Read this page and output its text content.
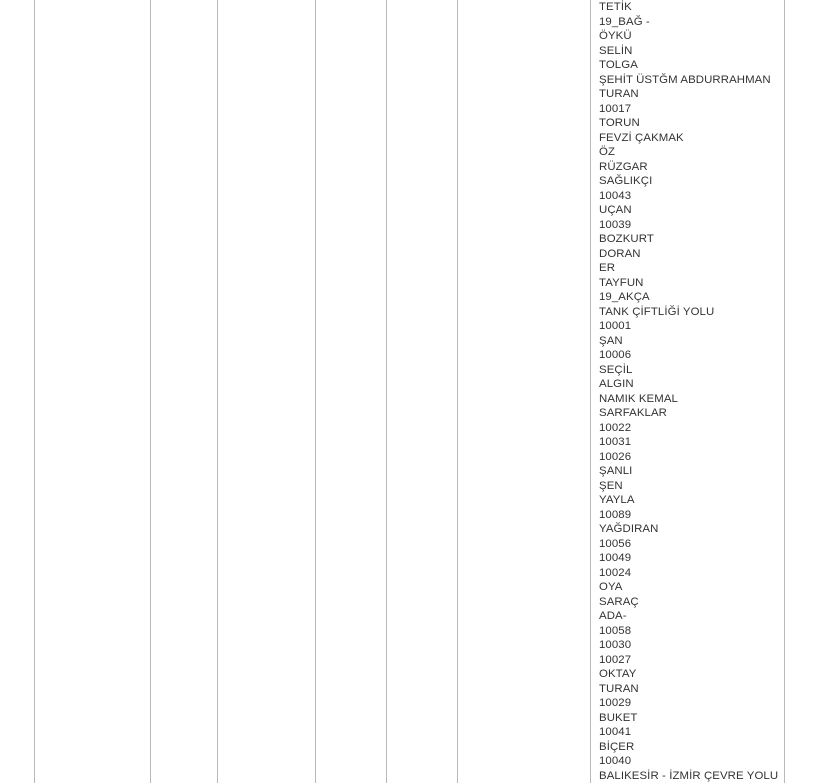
TETİK
19_BAĞ -
ÖYKÜ
SELİN
TOLGA
ŞEHİT ÜSTĞM ABDURRAHMAN
TURAN
10017
TORUN
FEVZİ ÇAKMAK
ÖZ
RÜZGAR
SAĞLIKÇI
10043
UÇAN
10039
BOZKURT
DORAN
ER
TAYFUN
19_AKÇA
TANK ÇİFTLİĞİ YOLU
10001
ŞAN
10006
SEÇİL
ALGIN
NAMIK KEMAL
SARFAKLAR
10022
10031
10026
ŞANLI
ŞEN
YAYLA
10089
YAĞDIRAN
10056
10049
10024
OYA
SARAÇ
ADA-
10058
10030
10027
OKTAY
TURAN
10029
BUKET
10041
BİÇER
10040
BALIKESİR - İZMİR ÇEVRE YOLU
